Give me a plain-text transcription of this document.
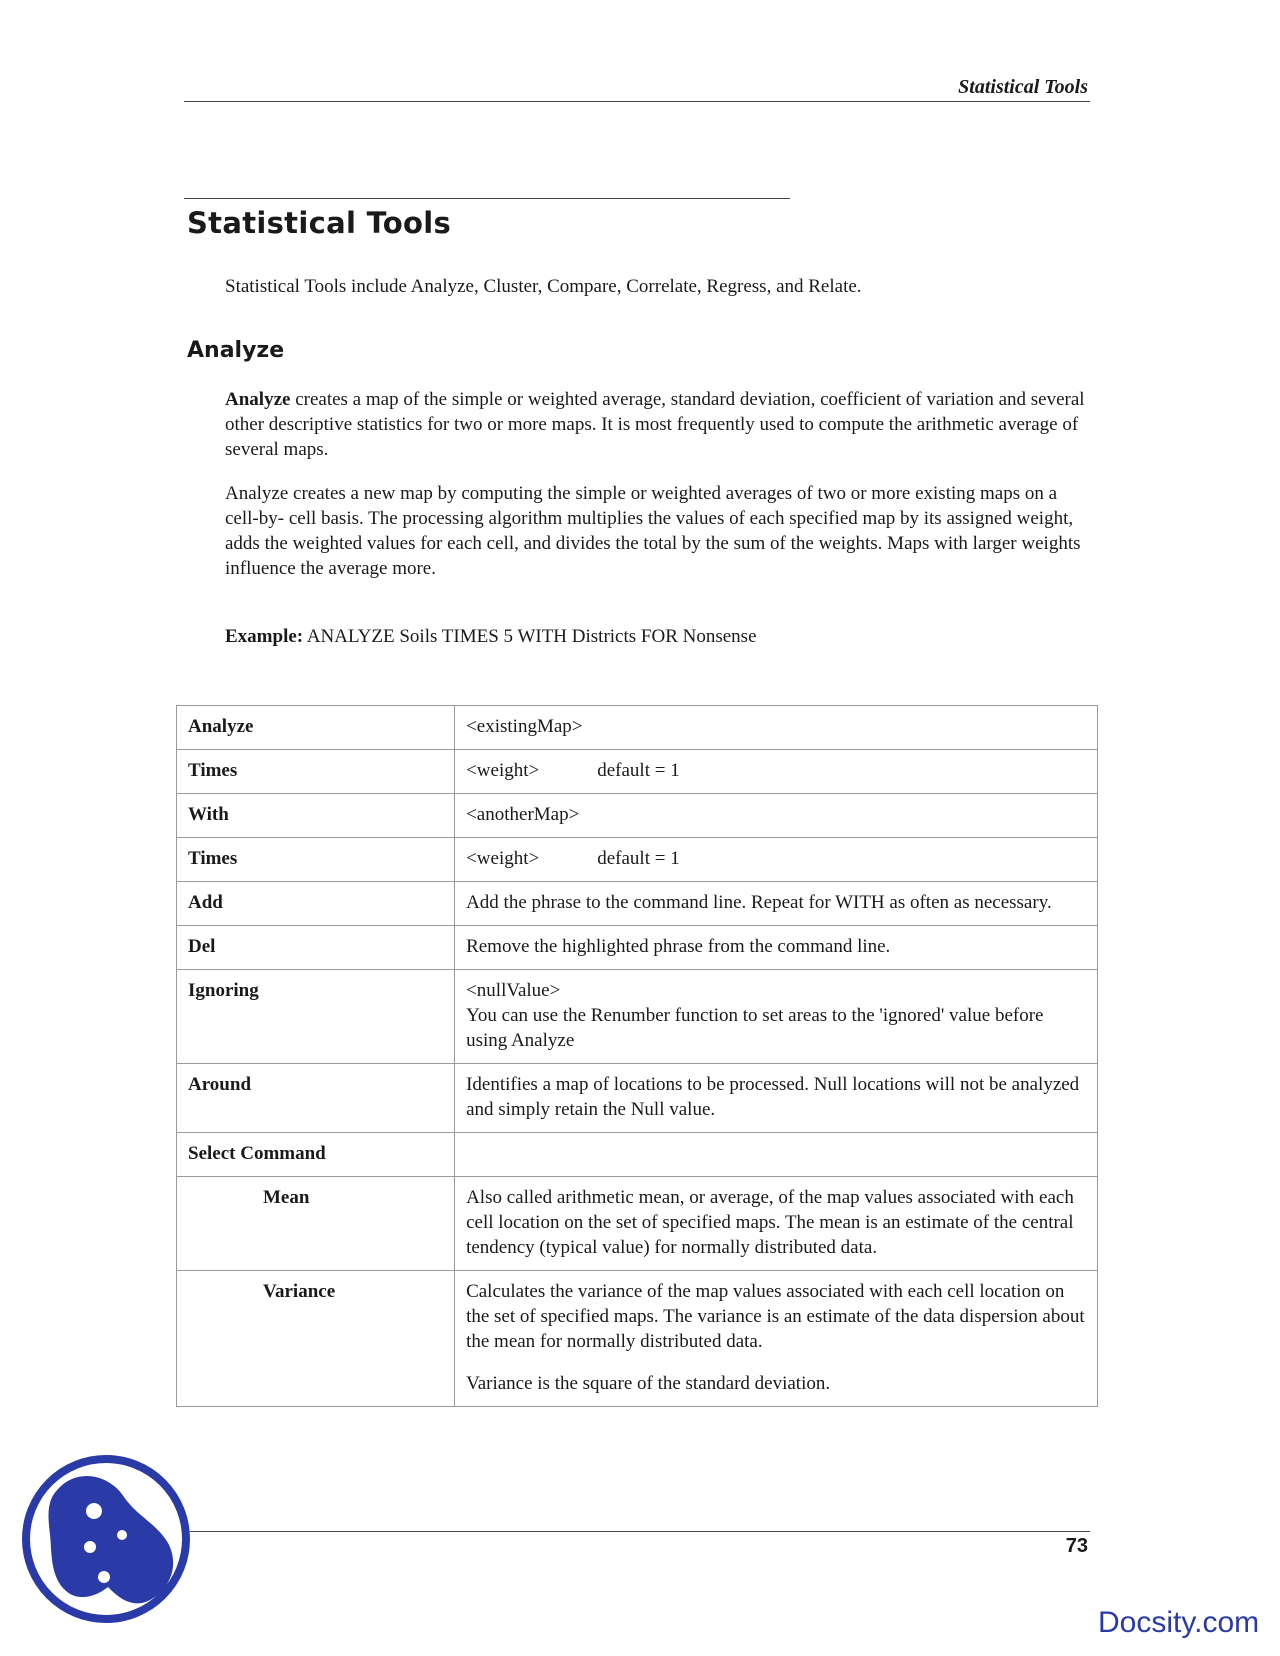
Statistical Tools
Statistical Tools

Statistical Tools include Analyze, Cluster, Compare, Correlate, Regress, and Relate.

Analyze

Analyze creates a map of the simple or weighted average, standard deviation, coefficient of variation and several other descriptive statistics for two or more maps. It is most frequently used to compute the arithmetic average of several maps.

Analyze creates a new map by computing the simple or weighted averages of two or more existing maps on a cell-by- cell basis. The processing algorithm multiplies the values of each specified map by its assigned weight, adds the weighted values for each cell, and divides the total by the sum of the weights. Maps with larger weights influence the average more.

Example: ANALYZE Soils TIMES 5 WITH Districts FOR Nonsense

Analyze	<existingMap>
Times	<weight> default = 1
With	<anotherMap>
Times	<weight> default = 1
Add	Add the phrase to the command line. Repeat for WITH as often as necessary.
Del	Remove the highlighted phrase from the command line.
Ignoring	<nullValue>
You can use the Renumber function to set areas to the 'ignored' value before using Analyze

Around	Identifies a map of locations to be processed. Null locations will not be analyzed and simply retain the Null value.
Select Command	
Mean	Also called arithmetic mean, or average, of the map values associated with each cell location on the set of specified maps. The mean is an estimate of the central tendency (typical value) for normally distributed data.
Variance	Calculates the variance of the map values associated with each cell location on the set of specified maps. The variance is an estimate of the data dispersion about the mean for normally distributed data.
Variance is the square of the standard deviation.
73
Docsity.com
